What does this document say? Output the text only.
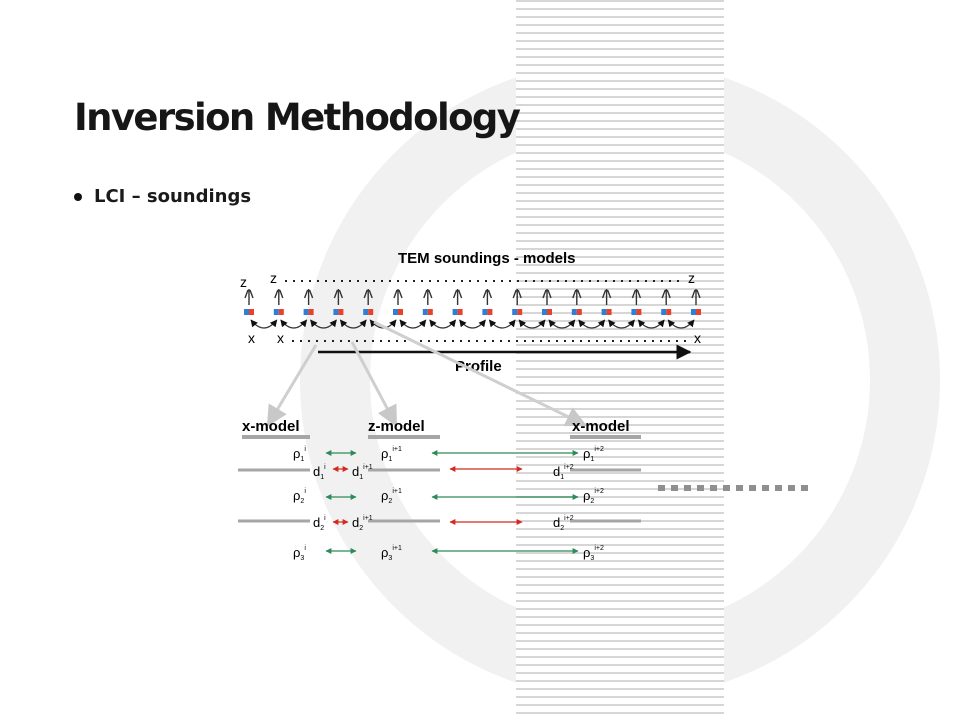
Inversion Methodology
LCI – soundings
TEM soundings - models
z z	z
x x	x
Profile
x-model	z-model	x-model
$\rho_1^i$	$\rho_1^{i+1}$	$\rho_1^{i+2}$
$\rho_2^i$	$\rho_2^{i+1}$	$\rho_2^{i+2}$
$\rho_3^i$	$\rho_3^{i+1}$	$\rho_3^{i+2}$
$d_1^i$ $d_1^{i+1}$	$d_1^{i+2}$
$d_2^i$ $d_2^{i+1}$	$d_2^{i+2}$
